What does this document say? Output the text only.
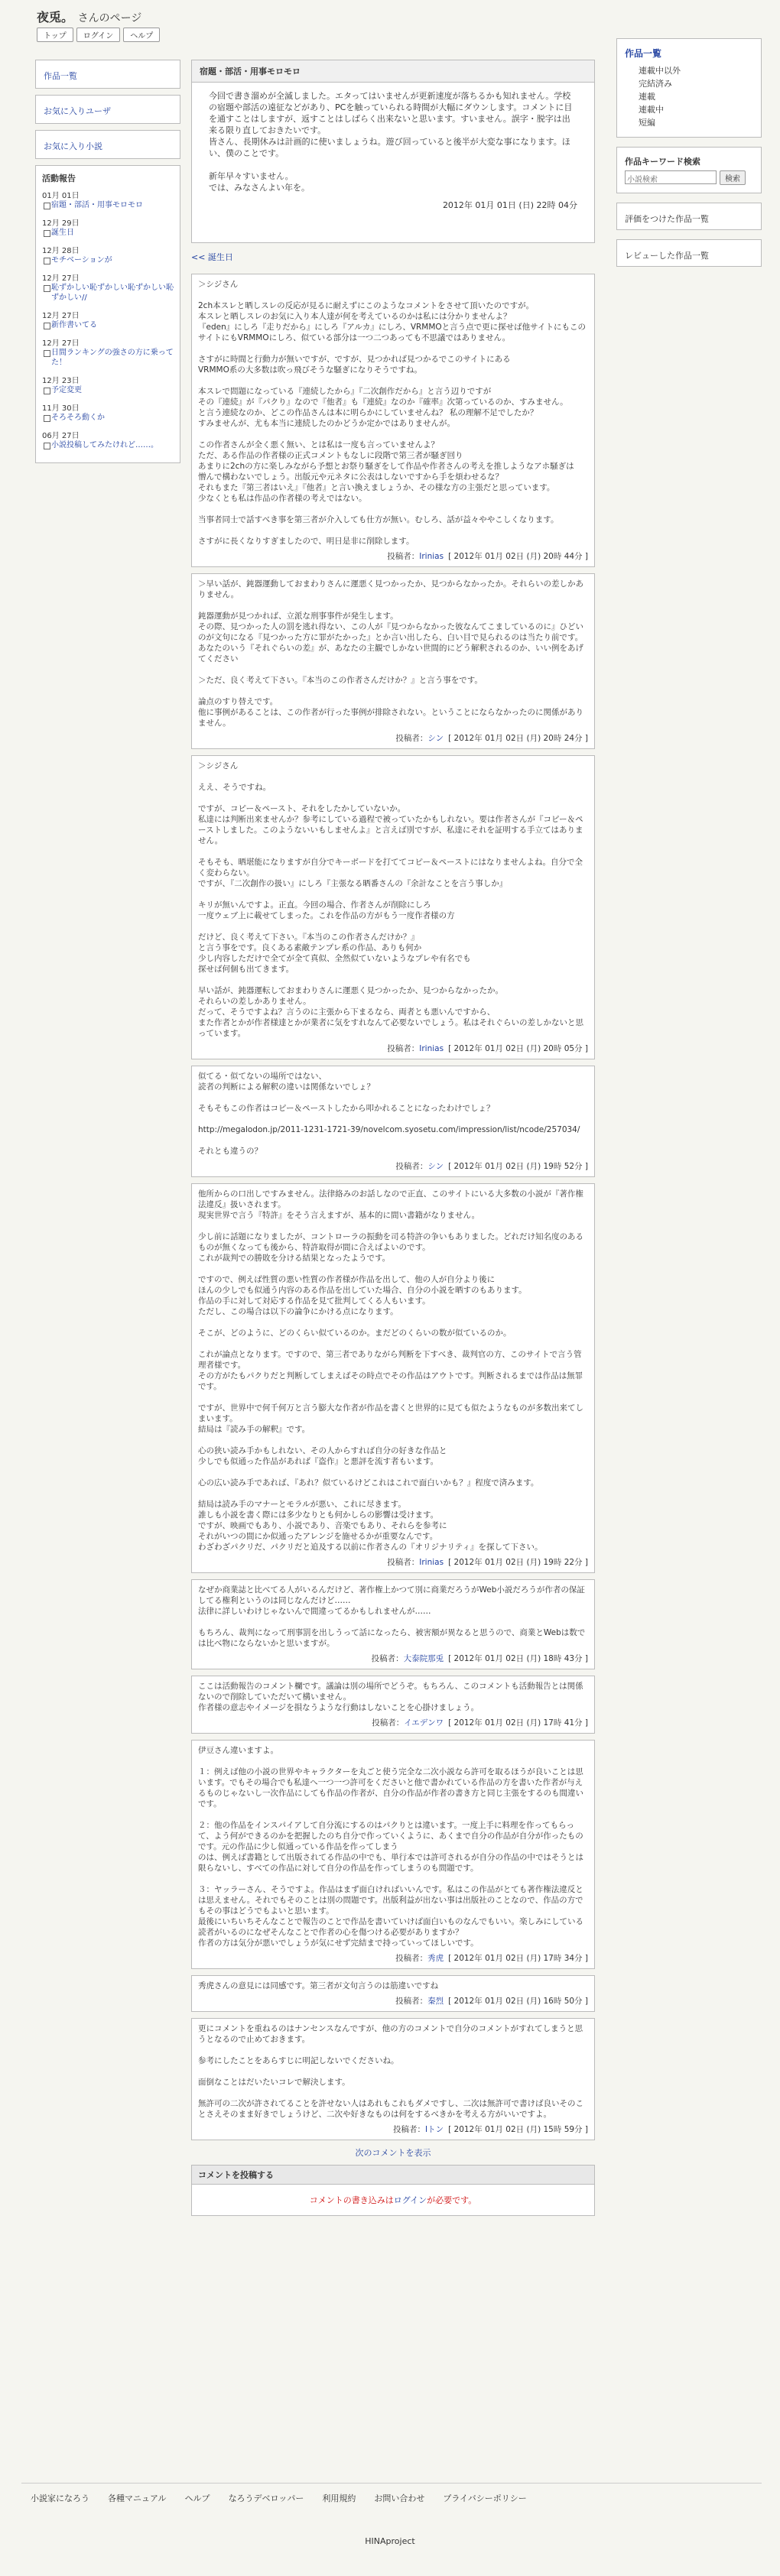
夜兎。 さんのページ
トップ	ログイン	ヘルプ
作品一覧
お気に入りユーザ
お気に入り小説
活動報告
01月 01日
宿題・部活・用事モロモロ
12月 29日
誕生日
12月 28日
モチベーションが
12月 27日
恥ずかしい恥ずかしい恥ずかしい恥ずかしい//
12月 27日
新作書いてる
12月 27日
日間ランキングの強さの方に乗ってた！
12月 23日
予定変更
11月 30日
そろそろ動くか
06月 27日
小説投稿してみたけれど……。
宿題・部活・用事モロモロ
今回で書き溜めが全滅しました。エタってはいませんが更新速度が落ちるかも知れません。学校の宿題や部活の遠征などがあり、PCを触っていられる時間が大幅にダウンします。コメントに目を通すことはしますが、返すことはしばらく出来ないと思います。すいません。誤字・脱字は出来る限り直しておきたいです。
皆さん、長期休みは計画的に使いましょうね。遊び回っていると後半が大変な事になります。ほい、僕のことです。

新年早々すいません。
では、みなさんよい年を。
2012年 01月 01日 (日) 22時 04分
<< 誕生日
＞シジさん

2ch本スレと晒しスレの反応が見るに耐えずにこのようなコメントをさせて頂いたのですが。
本スレと晒しスレのお気に入り本人達が何を考えているのかは私には分かりませんよ？
『eden』にしろ『走りだから』にしろ『アルカ』にしろ、VRMMOと言う点で更に探せば他サイトにもこのサイトにもVRMMOにしろ、似ている部分は一つ二つあっても不思議ではありません。

さすがに時間と行動力が無いですが、ですが、見つかれば見つかるでこのサイトにある
VRMMO系の大多数は吹っ飛びそうな騒ぎになりそうですね。

本スレで問題になっている『連続したから』『二次創作だから』と言う辺りですが
その『連続』が『パクり』なので『他者』も『連続』なのか『確率』次第っているのか、すみません。
と言う連続なのか、どこの作品さんは本に明らかにしていませんね？ 私の理解不足でしたか？
すみませんが、尤も本当に連続したのかどうか定かではありませんが。

この作者さんが全く悪く無い、とは私は一度も言っていませんよ？
ただ、ある作品の作者様の正式コメントもなしに段階で第三者が騒ぎ回り
あまりに2chの方に楽しみながら予想とお祭り騒ぎをして作品や作者さんの考えを推しようなアホ騒ぎは
憎んで構わないでしょう。出版元や元ネタに公表はしないですから手を煩わせるな？
それもまた『第三者はいえ』『他者』と言い換えましょうか、その様な方の主張だと思っています。
少なくとも私は作品の作者様の考えではない。

当事者同士で話すべき事を第三者が介入しても仕方が無い。むしろ、話が益々ややこしくなります。

さすがに長くなりすぎましたので、明日是非に削除します。
投稿者：Irinias [ 2012年 01月 02日 (月) 20時 44分 ]
＞早い話が、鈍器運動しておまわりさんに運悪く見つかったか、見つからなかったか。それらいの差しかありません。

鈍器運動が見つかれば、立派な刑事事件が発生します。
その際、見つかった人の罰を逃れ得ない、この人が『見つからなかった彼なんてこましているのに』ひどいのが文句になる『見つかった方に罪がたかった』とか言い出したら、白い目で見られるのは当たり前です。
あなたのいう『それぐらいの差』が、あなたの主観でしかない世間的にどう解釈されるのか、いい例をあげてください

＞ただ、良く考えて下さい。『本当のこの作者さんだけか？』と言う事をです。

論点のすり替えです。
他に事例があることは、この作者が行った事例が排除されない。ということにならなかったのに関係がありません。
投稿者：シン [ 2012年 01月 02日 (月) 20時 24分 ]
＞シジさん

ええ、そうですね。

ですが、コピー＆ペースト、それをしたかしていないか。
私達には判断出来ませんか？参考にしている過程で被っていたかもしれない。要は作者さんが『コピー＆ペーストしました。このようないいもしませんよ』と言えば別ですが、私達にそれを証明する手立てはありません。

そもそも、晒堪能になりますが自分でキーボードを打ててコピー＆ペーストにはなりませんよね。自分で全く変わらない。
ですが、『二次創作の扱い』にしろ『主張なる晒番さんの『余計なことを言う事しか』

キリが無いんですよ。正直。今回の場合、作者さんが削除にしろ
一度ウェブ上に載せてしまった。これを作品の方がもう一度作者様の方

だけど、良く考えて下さい。『本当のこの作者さんだけか？』
と言う事をです。良くある素敵テンプレ系の作品、ありも何か
少し内容しただけで全てが全て真似、全然似ていないようなプレや有名でも
探せば何個も出てきます。

早い話が、鈍器運転しておまわりさんに運悪く見つかったか、見つからなかったか。
それらいの差しかありません。
だって、そうですよね？言うのに主張から下まるなら、両者とも悪いんですから、
また作者とかが作者様達とかが業者に気をすれなんて必要ないでしょう。私はそれぐらいの差しかないと思っています。
投稿者：Irinias [ 2012年 01月 02日 (月) 20時 05分 ]
似てる・似てないの場所ではない、
読者の判断による解釈の違いは関係ないでしょ？

そもそもこの作者はコピー＆ペーストしたから叩かれることになったわけでしょ？

http://megalodon.jp/2011-1231-1721-39/novelcom.syosetu.com/impression/list/ncode/257034/

それとも違うの？
投稿者：シン [ 2012年 01月 02日 (月) 19時 52分 ]
他所からの口出しですみません。法律絡みのお話しなので正直、このサイトにいる大多数の小説が『著作権法違反』扱いされます。
現実世界で言う『特許』をそう言えますが、基本的に間い書籍がなりません。

少し前に話題になりましたが、コントローラの振動を司る特許の争いもありました。どれだけ知名度のあるものが無くなっても後から、特許取得が間に合えばよいのです。
これが裁判での勝敗を分ける結果となったようです。

ですので、例えば性質の悪い性質の作者様が作品を出して、他の人が自分より後に
ほんの少しでも似通う内容のある作品を出していた場合、自分の小説を晒すのもあります。
作品の手に対して対応する作品を見て批判してくる人もいます。
ただし、この場合は以下の論争にかける点になります。

そこが、どのように、どのくらい似ているのか。まだどのくらいの数が似ているのか。

これが論点となります。ですので、第三者でありながら判断を下すべき、裁判官の方、このサイトで言う管理者様です。
その方がたもパクりだと判断してしまえばその時点でその作品はアウトです。判断されるまでは作品は無罪です。

ですが、世界中で何千何万と言う膨大な作者が作品を書くと世界的に見ても似たようなものが多数出来てしまいます。
結局は『読み手の解釈』です。

心の狭い読み手かもしれない、その人からすれば自分の好きな作品と
少しでも似通った作品があれば『盗作』と悪評を流す者もいます。

心の広い読み手であれば、『あれ？似ているけどこれはこれで面白いかも？』程度で済みます。

結局は読み手のマナーとモラルが悪い、これに尽きます。
誰しも小説を書く際には多少なりとも何かしらの影響は受けます。
ですが、映画でもあり、小説であり、音楽でもあり、それらを参考に
それがいつの間にか似通ったアレンジを施せるかが重要なんです。
わざわざパクリだ、パクリだと追及する以前に作者さんの『オリジナリティ』を探して下さい。
投稿者：Irinias [ 2012年 01月 02日 (月) 19時 22分 ]
なぜか商業誌と比べてる人がいるんだけど、著作権上かつて別に商業だろうがWeb小説だろうが作者の保証してる権利というのは同じなんだけど……
法律に詳しいわけじゃないんで間違ってるかもしれませんが……

もちろん、裁判になって刑事罰を出しうって話になったら、被害額が異なると思うので、商業とWebは数では比べ物にならないかと思いますが。
投稿者：大泰院那兎 [ 2012年 01月 02日 (月) 18時 43分 ]
ここは活動報告のコメント欄です。議論は別の場所でどうぞ。もちろん、このコメントも活動報告とは関係ないので削除していただいて構いません。
作者様の意志やイメージを損なうような行動はしないことを心掛けましょう。
投稿者：イエデンワ [ 2012年 01月 02日 (月) 17時 41分 ]
伊豆さん違いますよ。

１：例えば他の小説の世界やキャラクターを丸ごと使う完全な二次小説なら許可を取るほうが良いことは思います。でもその場合でも私達へ一つ一つ許可をくださいと他で書かれている作品の方を書いた作者が与えるものじゃないし一次作品にしても作品の作者が、自分の作品が作者の書き方と同じ主張をするのも間違いです。

２：他の作品をインスパイアして自分流にするのはパクりとは違います。一度上手に料理を作ってもらって、よう何ができるのかを把握したのち自分で作っていくように、あくまで自分の作品が自分が作ったものです。元の作品に少し似通っている作品を作ってしまう
のは、例えば書籍として出版されてる作品の中でも、単行本では許可されるが自分の作品の中ではそうとは限らないし、すべての作品に対して自分の作品を作ってしまうのも問題です。

３：ヤッラーさん、そうですよ。作品はまず面白ければいいんです。私はこの作品がとても著作権法違反とは思えません。それでもそのことは別の問題です。出版利益が出ない事は出版社のことなので、作品の方でもその事はどうでもよいと思います。
最後にいちいちそんなことで報告のことで作品を書いていけば面白いものなんでもいい。楽しみにしている読者がいるのになぜそんなことで作者の心を傷つける必要がありますか？
作者の方は気分が悪いでしょうが気にせず完結まで持っていってほしいです。
投稿者：秀虎 [ 2012年 01月 02日 (月) 17時 34分 ]
秀虎さんの意見には同感です。第三者が文句言うのは筋違いですね
投稿者：秦烈 [ 2012年 01月 02日 (月) 16時 50分 ]
更にコメントを重ねるのはナンセンスなんですが、他の方のコメントで自分のコメントがすれてしまうと思うとなるので止めておきます。

参考にしたことをあらすじに明記しないでくださいね。

面倒なことはだいたいコレで解決します。

無許可の二次が許されてることを許せない人はあれもこれもダメですし、二次は無許可で書けば良いそのことさえそのまま好きでしょうけど、二次や好きなものは何をするべきかを考える方がいいですよ。
投稿者：Iトン [ 2012年 01月 02日 (月) 15時 59分 ]
次のコメントを表示
コメントを投稿する
コメントの書き込みはログインが必要です。
作品一覧
連載中以外
完結済み
連載
連載中
短編
作品キーワード検索
小説検索	検索
評価をつけた作品一覧
レビューした作品一覧
小説家になろう 各種マニュアル ヘルプ なろうデベロッパー 利用規約 お問い合わせ プライバシーポリシー
HINAproject
